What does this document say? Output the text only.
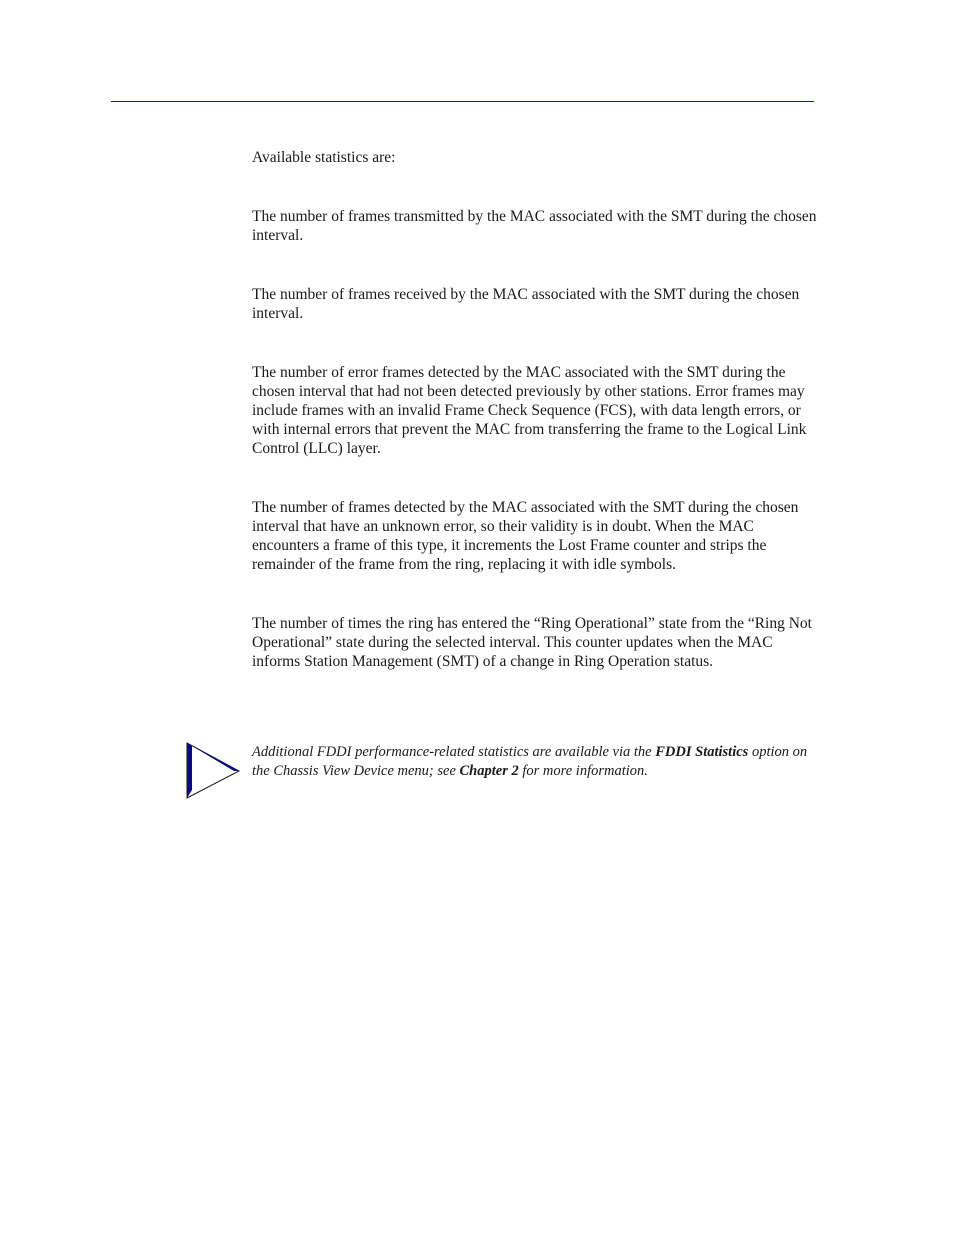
Available statistics are:

The number of frames transmitted by the MAC associated with the SMT during the chosen interval.

The number of frames received by the MAC associated with the SMT during the chosen interval.

The number of error frames detected by the MAC associated with the SMT during the chosen interval that had not been detected previously by other stations. Error frames may include frames with an invalid Frame Check Sequence (FCS), with data length errors, or with internal errors that prevent the MAC from transferring the frame to the Logical Link Control (LLC) layer.

The number of frames detected by the MAC associated with the SMT during the chosen interval that have an unknown error, so their validity is in doubt. When the MAC encounters a frame of this type, it increments the Lost Frame counter and strips the remainder of the frame from the ring, replacing it with idle symbols.

The number of times the ring has entered the “Ring Operational” state from the “Ring Not Operational” state during the selected interval. This counter updates when the MAC informs Station Management (SMT) of a change in Ring Operation status.

Additional FDDI performance-related statistics are available via the FDDI Statistics option on the Chassis View Device menu; see Chapter 2 for more information.
